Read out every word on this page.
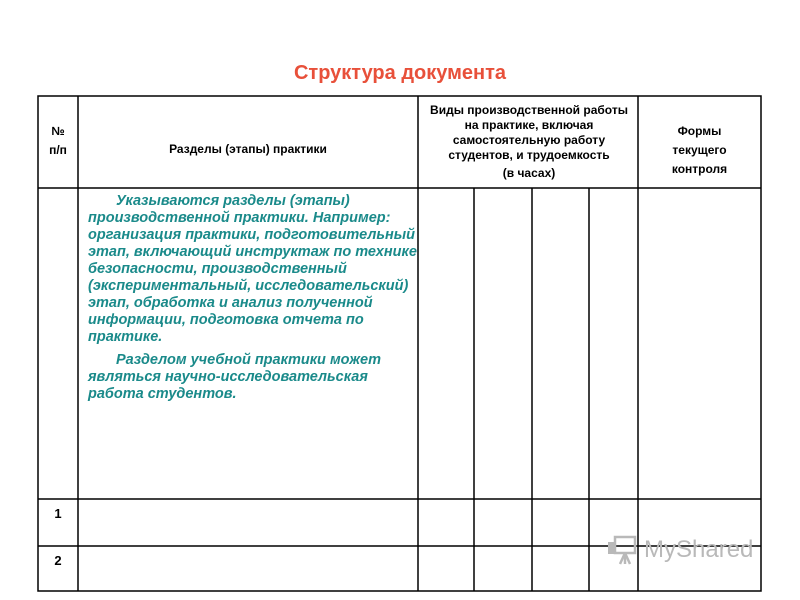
Структура документа
№
п/п	Разделы (этапы) практики
Виды производственной работы на практике, включая самостоятельную работу студентов, и трудоемкость
(в часах)
Формы
текущего
контроля

Указываются разделы (этапы) производственной практики. Например: организация практики, подготовительный этап, включающий инструктаж по технике безопасности, производственный (экспериментальный, исследовательский) этап, обработка и анализ полученной информации, подготовка отчета по практике.

Разделом учебной практики может являться научно-исследовательская работа студентов.

1
2	MyShared
